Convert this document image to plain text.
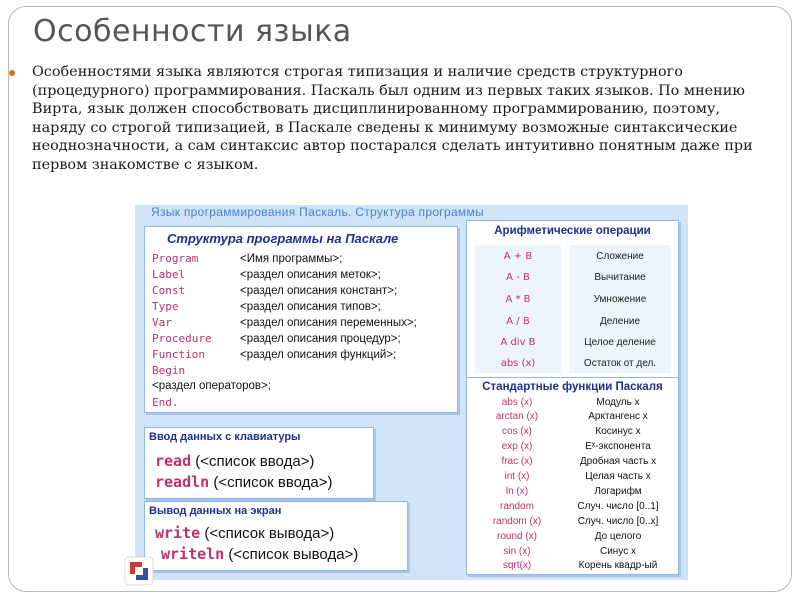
Особенности языка
Особенностями языка являются строгая типизация и наличие средств структурного (процедурного) программирования. Паскаль был одним из первых таких языков. По мнению Вирта, язык должен способствовать дисциплинированному программированию, поэтому, наряду со строгой типизацией, в Паскале сведены к минимуму возможные синтаксические неоднозначности, а сам синтаксис автор постарался сделать интуитивно понятным даже при первом знакомстве с языком.
Язык программирования Паскаль. Структура программы
Структура программы на Паскале
Program	<Имя программы>;
Label	<раздел описания меток>;
Const	<раздел описания констант>;
Type	<раздел описания типов>;
Var	<раздел описания переменных>;
Procedure <раздел описания процедур>;
Function	<раздел описания функций>;
Begin
<раздел операторов>;
End.
Ввод данных с клавиатуры
read (<список ввода>)
readln (<список ввода>)
Вывод данных на экран
write (<список вывода>)
writeln (<список вывода>)
Арифметические операции
A + B	Сложение
A - B	Вычитание
A * B	Умножение
A / B	Деление
A div B	Целое деление
abs (x)	Остаток от дел.
Стандартные функции Паскаля
abs (x)	Модуль х
arctan (x)	Арктангенс х
cos (x)	Косинус х
exp (x)	Eˣ-экспонента
frac (x)	Дробная часть х
int (x)	Целая часть х
ln (x)	Логарифм
random	Случ. число [0..1]
random (x)	Случ. число [0..x]
round (x)	До целого
sin (x)	Синус х
sqrt(x)	Корень квадр-ый
